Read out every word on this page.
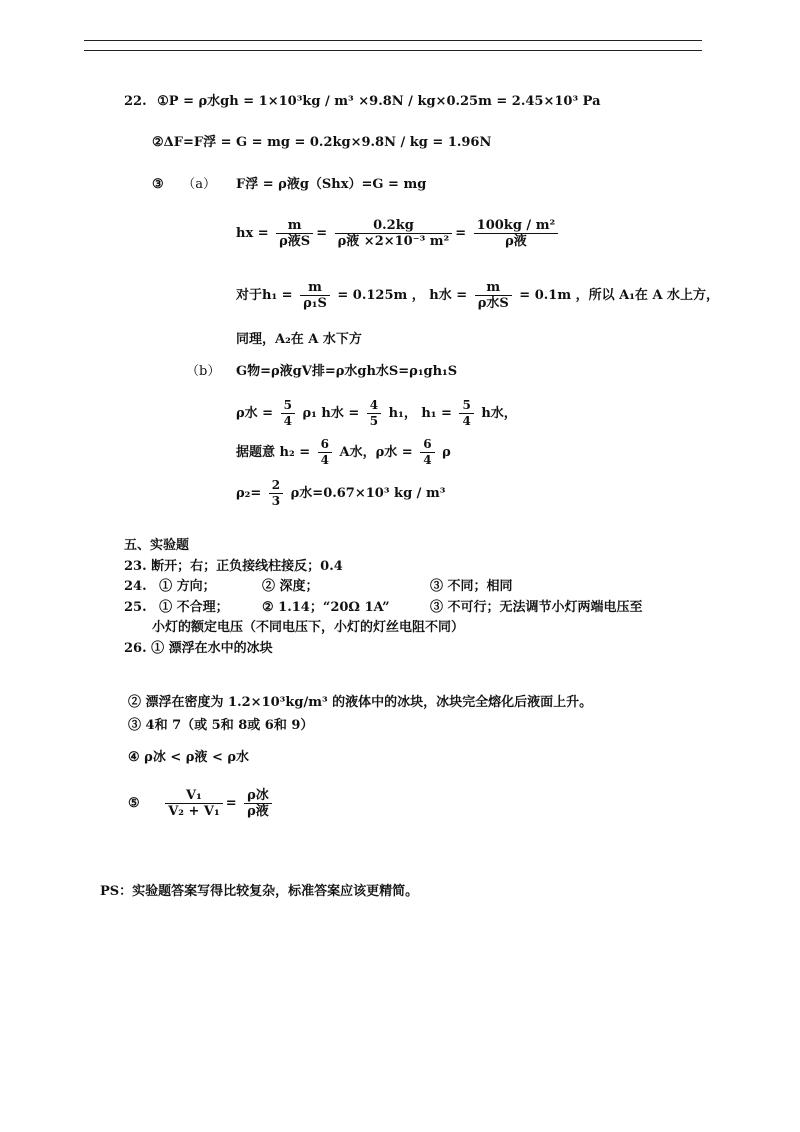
22. ①P = ρ水gh = 1×10³kg / m³ ×9.8N / kg×0.25m = 2.45×10³ Pa
②ΔF=F浮 = G = mg = 0.2kg×9.8N / kg = 1.96N
③ （a） F浮 = ρ液g（Shx）=G = mg
hx = $\frac{m}{\text{ρ液S}} = \frac{0.2kg}{\text{ρ液 ×2×10⁻³ m²}} = \frac{\text{100kg / m²}}{\text{ρ液}}$
对于$h_1 = \frac{m}{\text{ρ₁S}} = 0.125m$ ， h水 = $\frac{m}{\text{ρ水S}} = 0.1m$ ，所以 A₁在 A 水上方，
同理，A₂在 A 水下方
（b） G物=ρ液gV排=ρ水gh水S=ρ₁gh₁S
ρ水 = $\frac{5}{4} \rho_1$ h水 = $\frac{4}{5} h_1$， $h_1 = \frac{5}{4}$ h水，
据题意 $h_2 = \frac{6}{4}$ A水，ρ水 = $\frac{6}{4}$ ρ
$\rho_2= \frac{2}{3}$ ρ水=0.67×10³ kg / m³
五、实验题
23. 断开；右；正负接线柱接反；0.4
24. ① 方向；	② 深度；	③ 不同；相同
25. ① 不合理；	② 1.14；“20Ω 1A”	③ 不可行；无法调节小灯两端电压至
小灯的额定电压（不同电压下，小灯的灯丝电阻不同）
26. ① 漂浮在水中的冰块
② 漂浮在密度为 1.2×10³kg/m³ 的液体中的冰块，冰块完全熔化后液面上升。
③ 4和 7（或 5和 8或 6和 9）
④ ρ冰 < ρ液 < ρ水
⑤ $\frac{\text{V₁}}{\text{V₂ + V₁}} = \frac{\text{ρ冰}}{\text{ρ液}}$
PS：实验题答案写得比较复杂，标准答案应该更精简。
